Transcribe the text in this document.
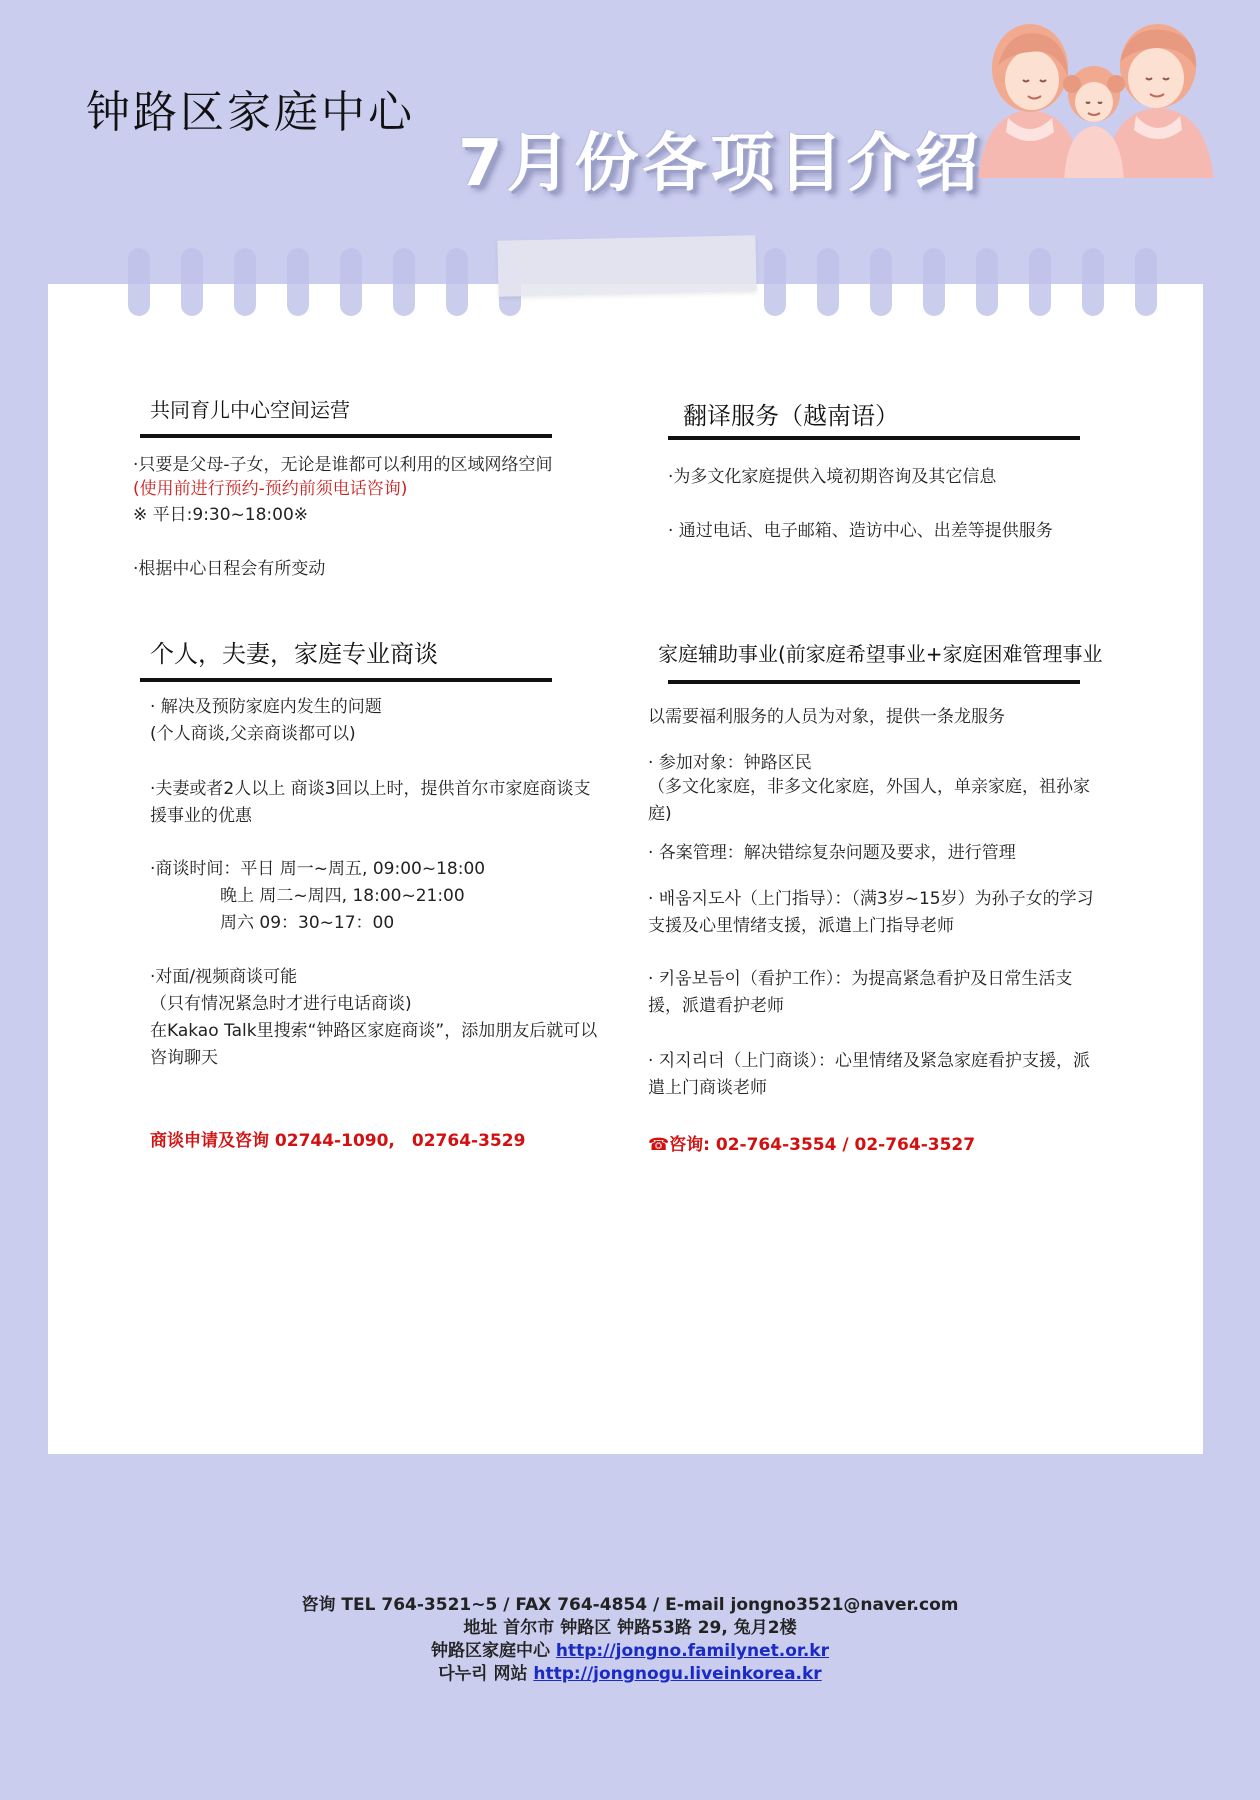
钟路区家庭中心
7月份各项目介绍
共同育儿中心空间运营
·只要是父母-子女，无论是谁都可以利用的区域网络空间
(使用前进行预约-预约前须电话咨询)
※ 平日:9:30~18:00※
·根据中心日程会有所变动
翻译服务（越南语）
·为多文化家庭提供入境初期咨询及其它信息
· 通过电话、电子邮箱、造访中心、出差等提供服务
个人，夫妻，家庭专业商谈
· 解决及预防家庭内发生的问题
(个人商谈,父亲商谈都可以)
·夫妻或者2人以上 商谈3回以上时，提供首尔市家庭商谈支援事业的优惠
·商谈时间：平日 周一~周五, 09:00~18:00
晚上 周二~周四, 18:00~21:00
周六 09：30~17：00
·对面/视频商谈可能
（只有情况紧急时才进行电话商谈)
在Kakao Talk里搜索“钟路区家庭商谈”，添加朋友后就可以咨询聊天
商谈申请及咨询 02744-1090,　02764-3529
家庭辅助事业(前家庭希望事业+家庭困难管理事业
以需要福利服务的人员为对象，提供一条龙服务
· 参加对象：钟路区民
（多文化家庭，非多文化家庭，外国人，单亲家庭，祖孙家庭)
· 各案管理：解决错综复杂问题及要求，进行管理
· 배움지도사（上门指导）：（满3岁~15岁）为孙子女的学习支援及心里情绪支援，派遣上门指导老师
· 키움보듬이（看护工作）：为提高紧急看护及日常生活支援，派遣看护老师
· 지지리더（上门商谈）：心里情绪及紧急家庭看护支援，派遣上门商谈老师
☎咨询: 02-764-3554 / 02-764-3527
咨询 TEL 764-3521~5 / FAX 764-4854 / E-mail jongno3521@naver.com
地址 首尔市 钟路区 钟路53路 29, 兔月2楼
钟路区家庭中心 http://jongno.familynet.or.kr
다누리 网站 http://jongnogu.liveinkorea.kr
